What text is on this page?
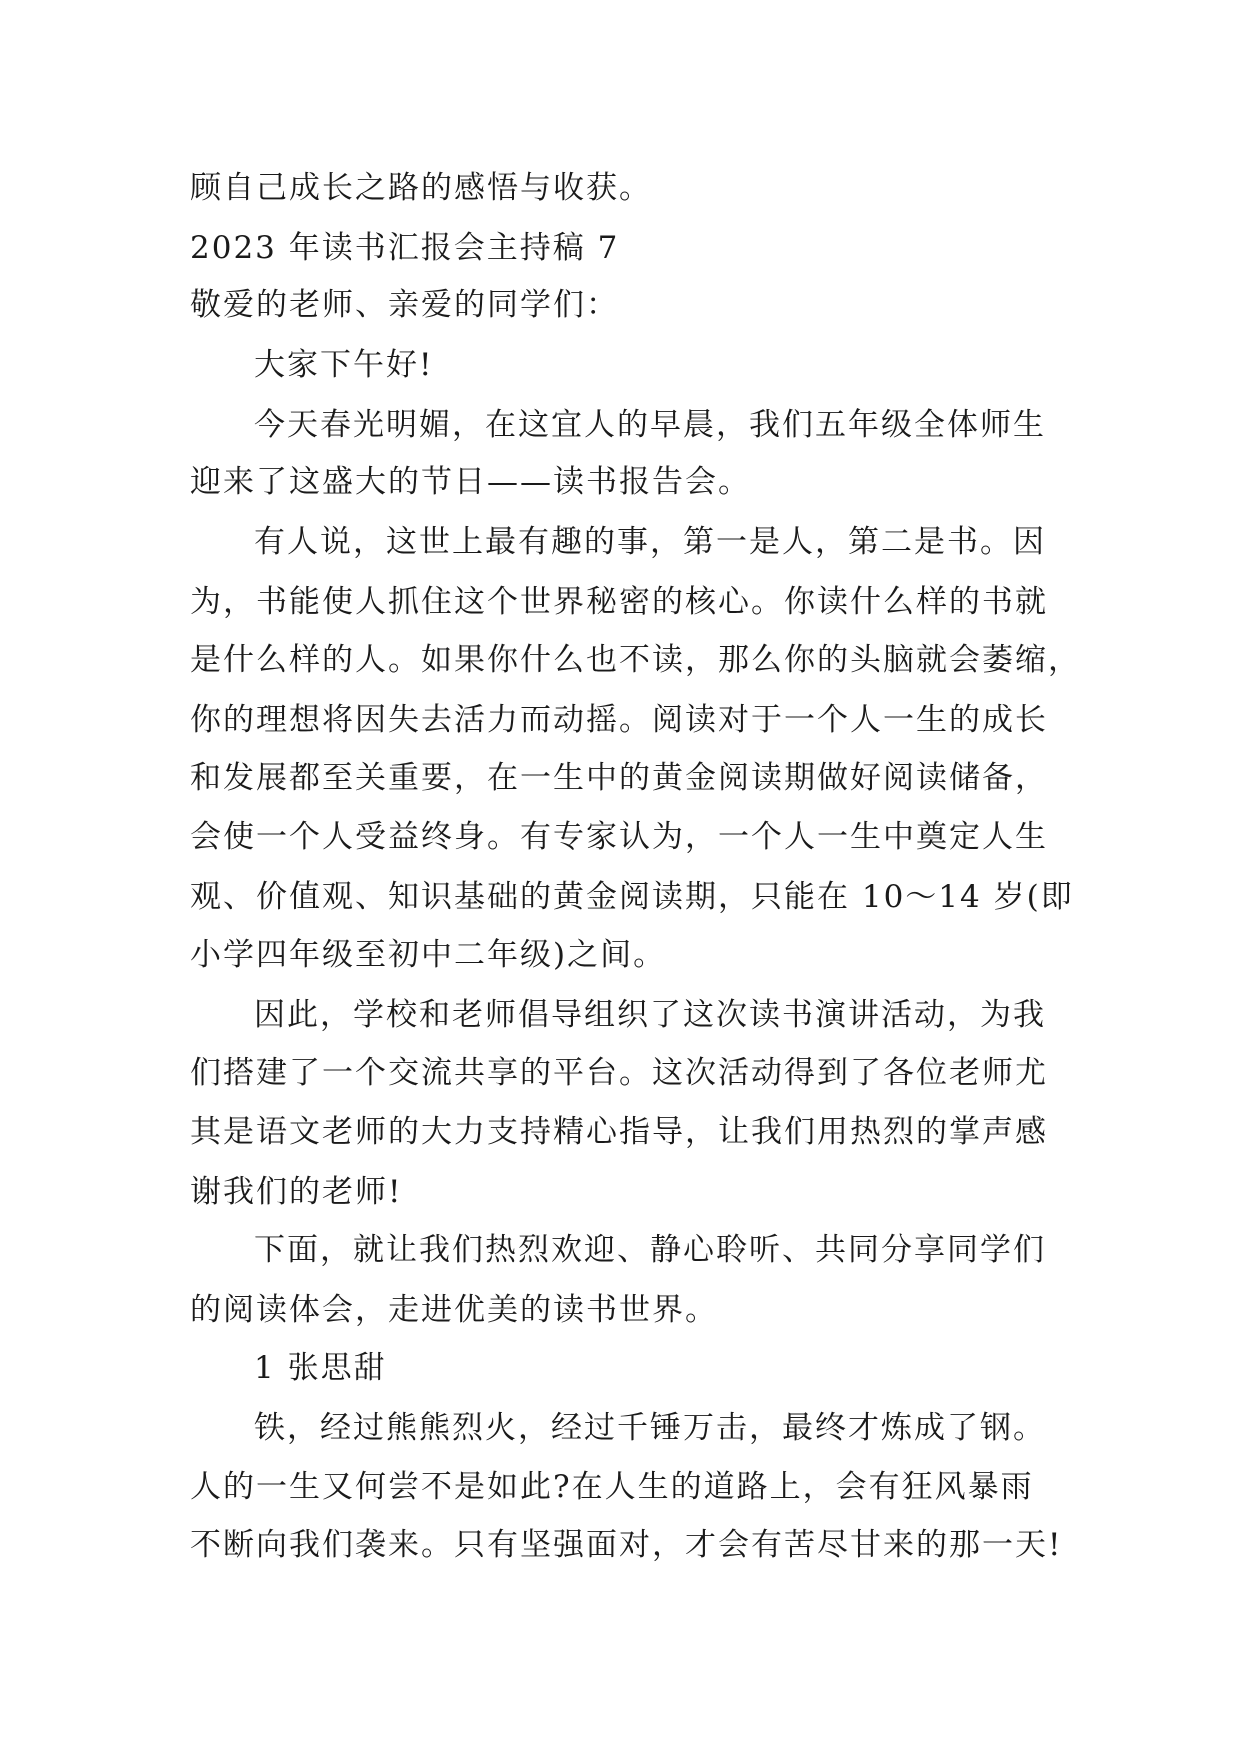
顾自己成长之路的感悟与收获。
2023 年读书汇报会主持稿 7
敬爱的老师、亲爱的同学们：
大家下午好!
今天春光明媚，在这宜人的早晨，我们五年级全体师生
迎来了这盛大的节日——读书报告会。
有人说，这世上最有趣的事，第一是人，第二是书。因
为，书能使人抓住这个世界秘密的核心。你读什么样的书就
是什么样的人。如果你什么也不读，那么你的头脑就会萎缩，
你的理想将因失去活力而动摇。阅读对于一个人一生的成长
和发展都至关重要，在一生中的黄金阅读期做好阅读储备，
会使一个人受益终身。有专家认为，一个人一生中奠定人生
观、价值观、知识基础的黄金阅读期，只能在 10～14 岁(即
小学四年级至初中二年级)之间。
因此，学校和老师倡导组织了这次读书演讲活动，为我
们搭建了一个交流共享的平台。这次活动得到了各位老师尤
其是语文老师的大力支持精心指导，让我们用热烈的掌声感
谢我们的老师!
下面，就让我们热烈欢迎、静心聆听、共同分享同学们
的阅读体会，走进优美的读书世界。
1 张思甜
铁，经过熊熊烈火，经过千锤万击，最终才炼成了钢。
人的一生又何尝不是如此?在人生的道路上，会有狂风暴雨
不断向我们袭来。只有坚强面对，才会有苦尽甘来的那一天!
